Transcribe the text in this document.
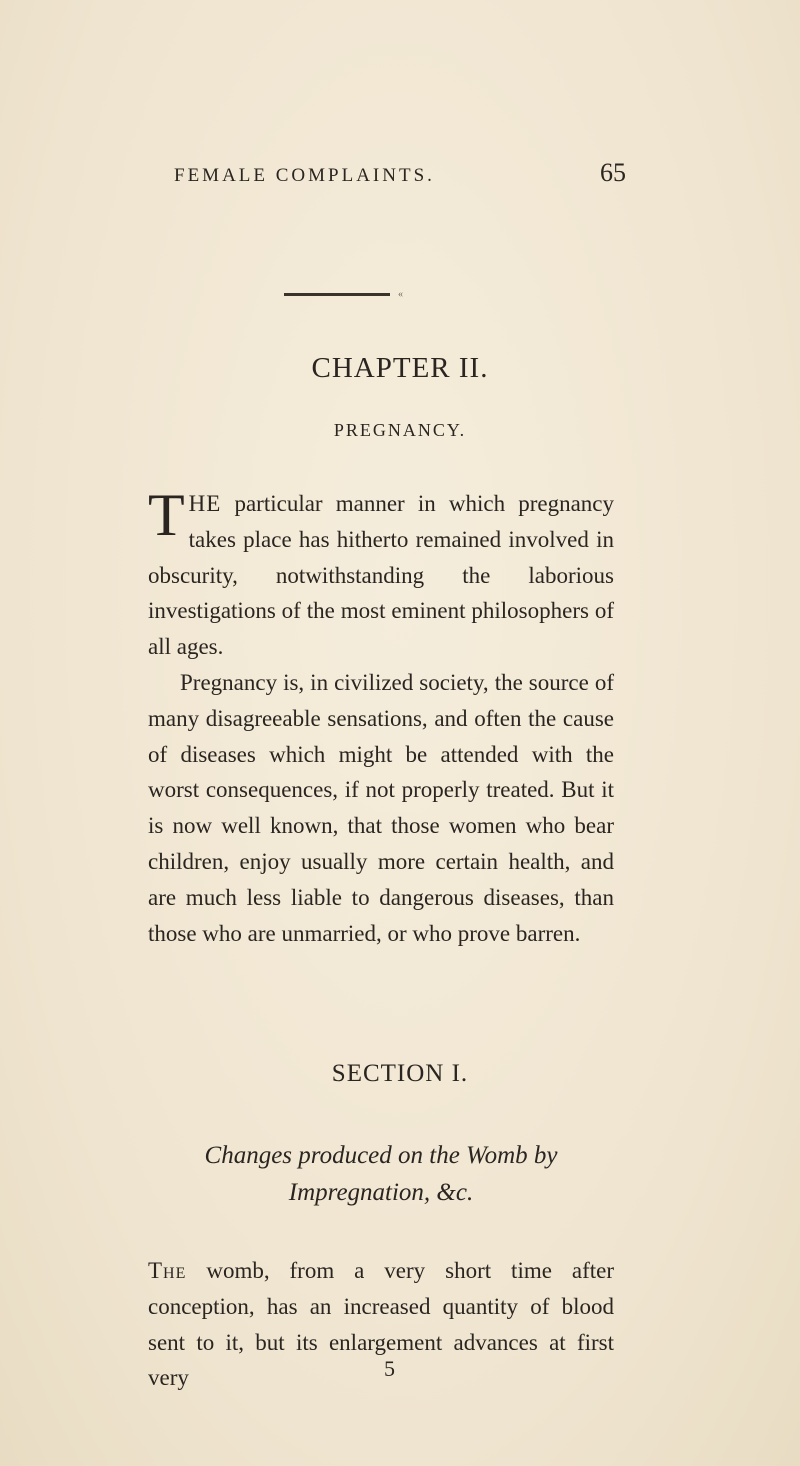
FEMALE COMPLAINTS.	65
«
CHAPTER II.
PREGNANCY.
THE particular manner in which pregnancy takes place has hitherto remained involved in obscurity, notwithstanding the laborious investigations of the most eminent philosophers of all ages.
Pregnancy is, in civilized society, the source of many disagreeable sensations, and often the cause of diseases which might be attended with the worst consequences, if not properly treated. But it is now well known, that those women who bear children, enjoy usually more certain health, and are much less liable to dangerous diseases, than those who are unmarried, or who prove barren.
SECTION I.
Changes produced on the Womb by Impregnation, &c.
The womb, from a very short time after conception, has an increased quantity of blood sent to it, but its enlargement advances at first very	5
